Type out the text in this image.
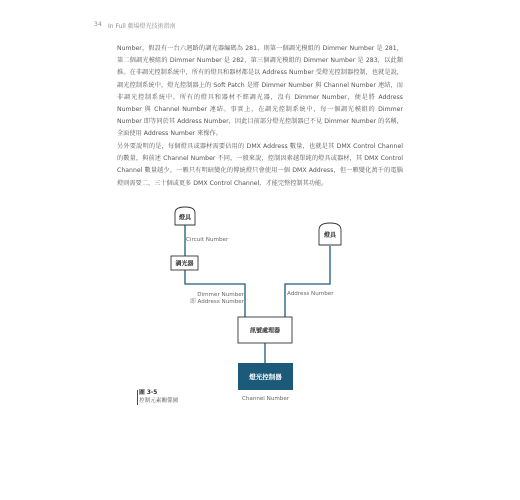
34 In Full 劇場燈光技術指南
Number，假設有一台六迴路的調光器編碼為 281，則第一個調光模組的 Dimmer Number 是 281，第二個調光模組的 Dimmer Number 是 282，第三個調光模組的 Dimmer Number 是 283，以此類推。在非調光控制系統中，所有的燈具和器材都是以 Address Number 受燈光控制器控制，也就是說，調光控制系統中，燈光控制器上的 Soft Patch 是將 Dimmer Number 與 Channel Number 連結，而非調光控制系統中，所有的燈具和器材不經調光器，沒有 Dimmer Number，便是將 Address Number 與 Channel Number 連結。事實上，在調光控制系統中，每一個調光模組的 Dimmer Number 即等同於其 Address Number，因此目前部分燈光控制器已不見 Dimmer Number 的名稱，全面使用 Address Number 來操作。
另外要說明的是，每個燈具或器材需要佔用的 DMX Address 數量，也就是其 DMX Control Channel 的數量，與前述 Channel Number 不同，一般來說，控制因素越單純的燈具或器材，其 DMX Control Channel 數量越少，一顆只有明暗變化的傳統燈只會使用一個 DMX Address，但一顆變化萬千的電腦燈則需要二、三十個或更多 DMX Control Channel，才能完整控制其功能。
燈具
燈具
Circuit Number
調光器
Dimmer Number
即 Address Number
Address Number
訊號處理器
燈光控制器
Channel Number
圖 3-5
控制元素關係圖
